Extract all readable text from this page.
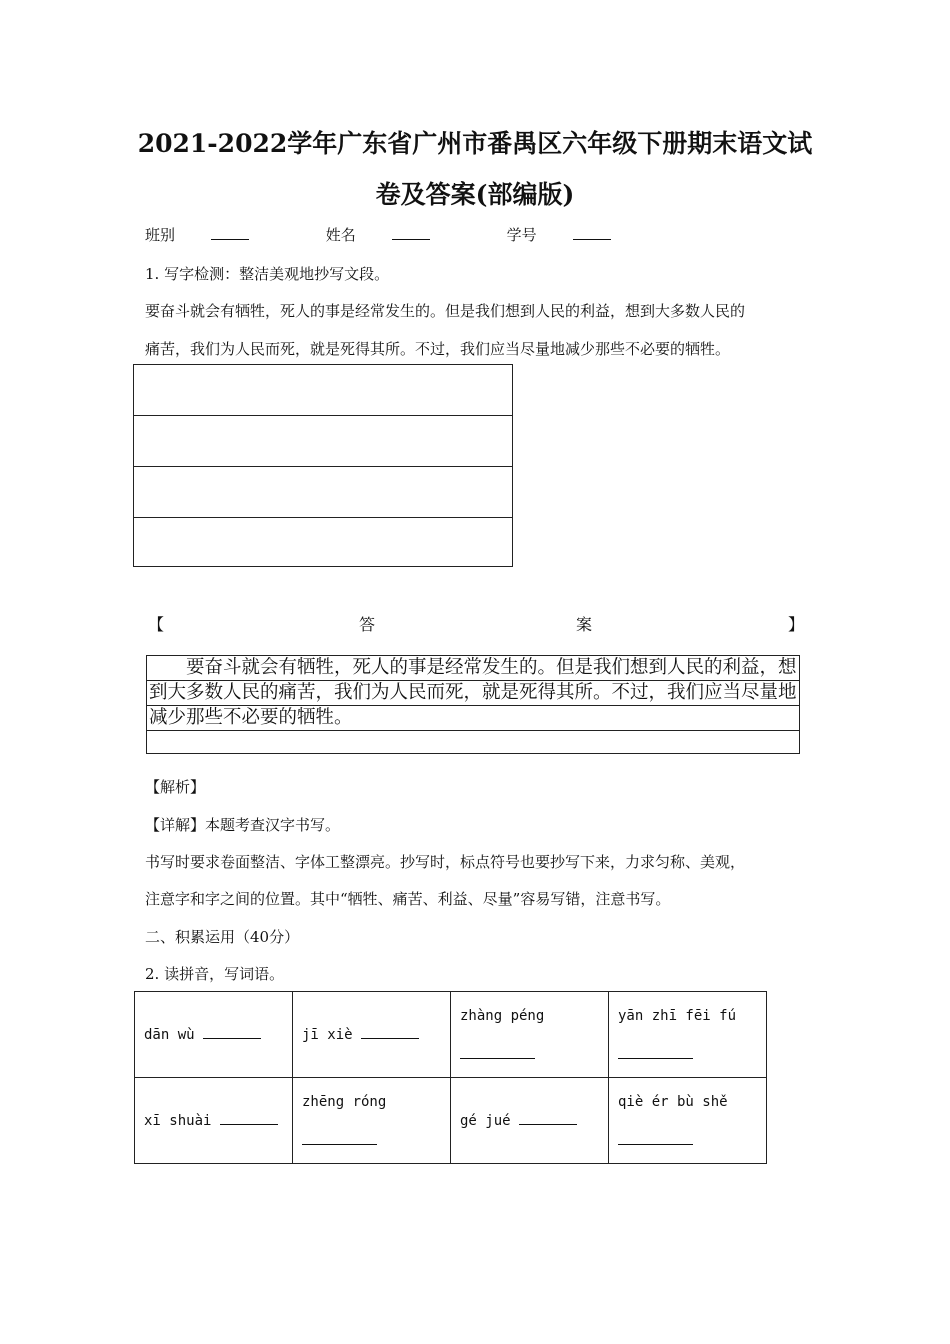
2021-2022学年广东省广州市番禺区六年级下册期末语文试
卷及答案(部编版)
班别	姓名	学号
1. 写字检测：整洁美观地抄写文段。
要奋斗就会有牺牲，死人的事是经常发生的。但是我们想到人民的利益，想到大多数人民的
痛苦，我们为人民而死，就是死得其所。不过，我们应当尽量地减少那些不必要的牺牲。
【	答	案	】
　　要奋斗就会有牺牲，死人的事是经常发生的。但是我们想到人民的利益，想
到大多数人民的痛苦，我们为人民而死，就是死得其所。不过，我们应当尽量地
减少那些不必要的牺牲。
【解析】
【详解】本题考查汉字书写。
书写时要求卷面整洁、字体工整漂亮。抄写时，标点符号也要抄写下来，力求匀称、美观，
注意字和字之间的位置。其中“牺牲、痛苦、利益、尽量”容易写错，注意书写。
二、积累运用（40分）
2. 读拼音，写词语。
dān wù	jī xiè	zhàng péng	yān zhī fēi fú

xī shuài	zhēng róng	gé jué	qiè ér bù shě
